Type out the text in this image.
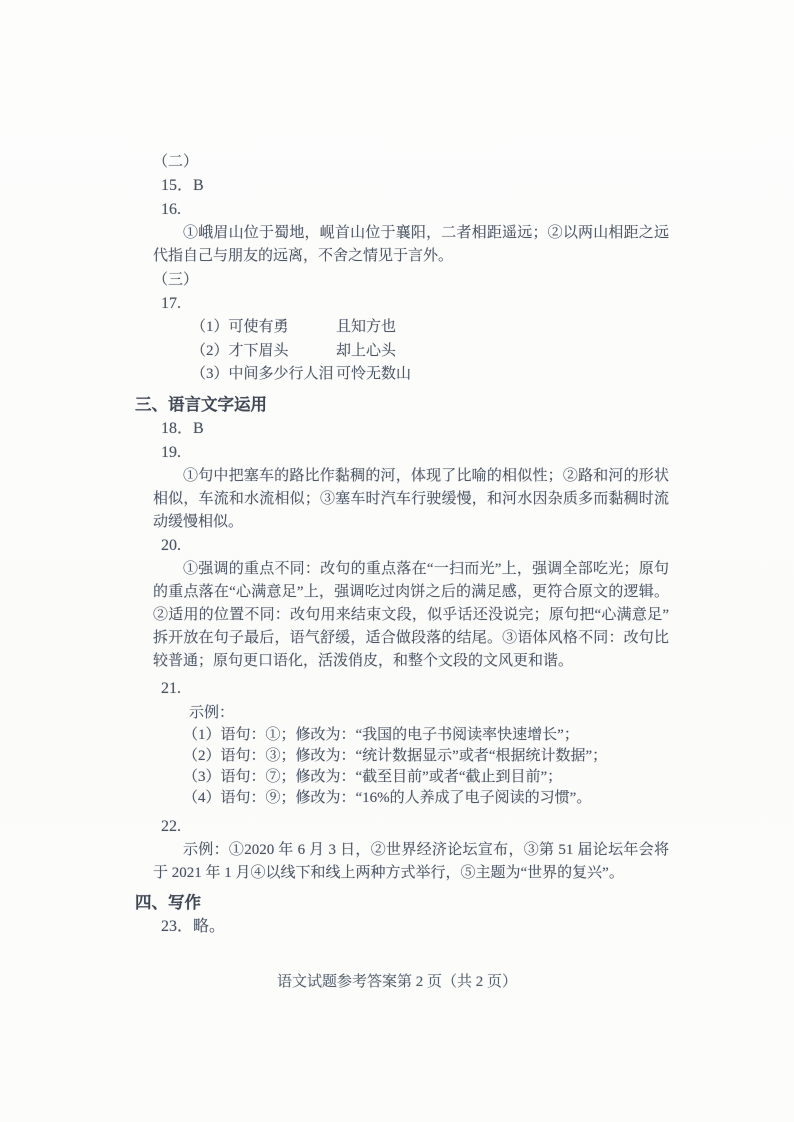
（二）
15．B
16.

①峨眉山位于蜀地，岘首山位于襄阳，二者相距遥远；②以两山相距之远代指自己与朋友的远离，不舍之情见于言外。

（三）
17.
（1）可使有勇	且知方也
（2）才下眉头	却上心头
（3）中间多少行人泪 可怜无数山
三、语言文字运用
18．B
19.

①句中把塞车的路比作黏稠的河，体现了比喻的相似性；②路和河的形状相似，车流和水流相似；③塞车时汽车行驶缓慢，和河水因杂质多而黏稠时流动缓慢相似。

20.

①强调的重点不同：改句的重点落在“一扫而光”上，强调全部吃光；原句的重点落在“心满意足”上，强调吃过肉饼之后的满足感，更符合原文的逻辑。②适用的位置不同：改句用来结束文段，似乎话还没说完；原句把“心满意足”拆开放在句子最后，语气舒缓，适合做段落的结尾。③语体风格不同：改句比较普通；原句更口语化，活泼俏皮，和整个文段的文风更和谐。

21.
示例：
（1）语句：①；修改为：“我国的电子书阅读率快速增长”；
（2）语句：③；修改为：“统计数据显示”或者“根据统计数据”；
（3）语句：⑦；修改为：“截至目前”或者“截止到目前”；
（4）语句：⑨；修改为：“16%的人养成了电子阅读的习惯”。
22.

示例：①2020 年 6 月 3 日，②世界经济论坛宣布，③第 51 届论坛年会将于 2021 年 1 月④以线下和线上两种方式举行，⑤主题为“世界的复兴”。

四、写作
23．略。
语文试题参考答案第 2 页（共 2 页）
